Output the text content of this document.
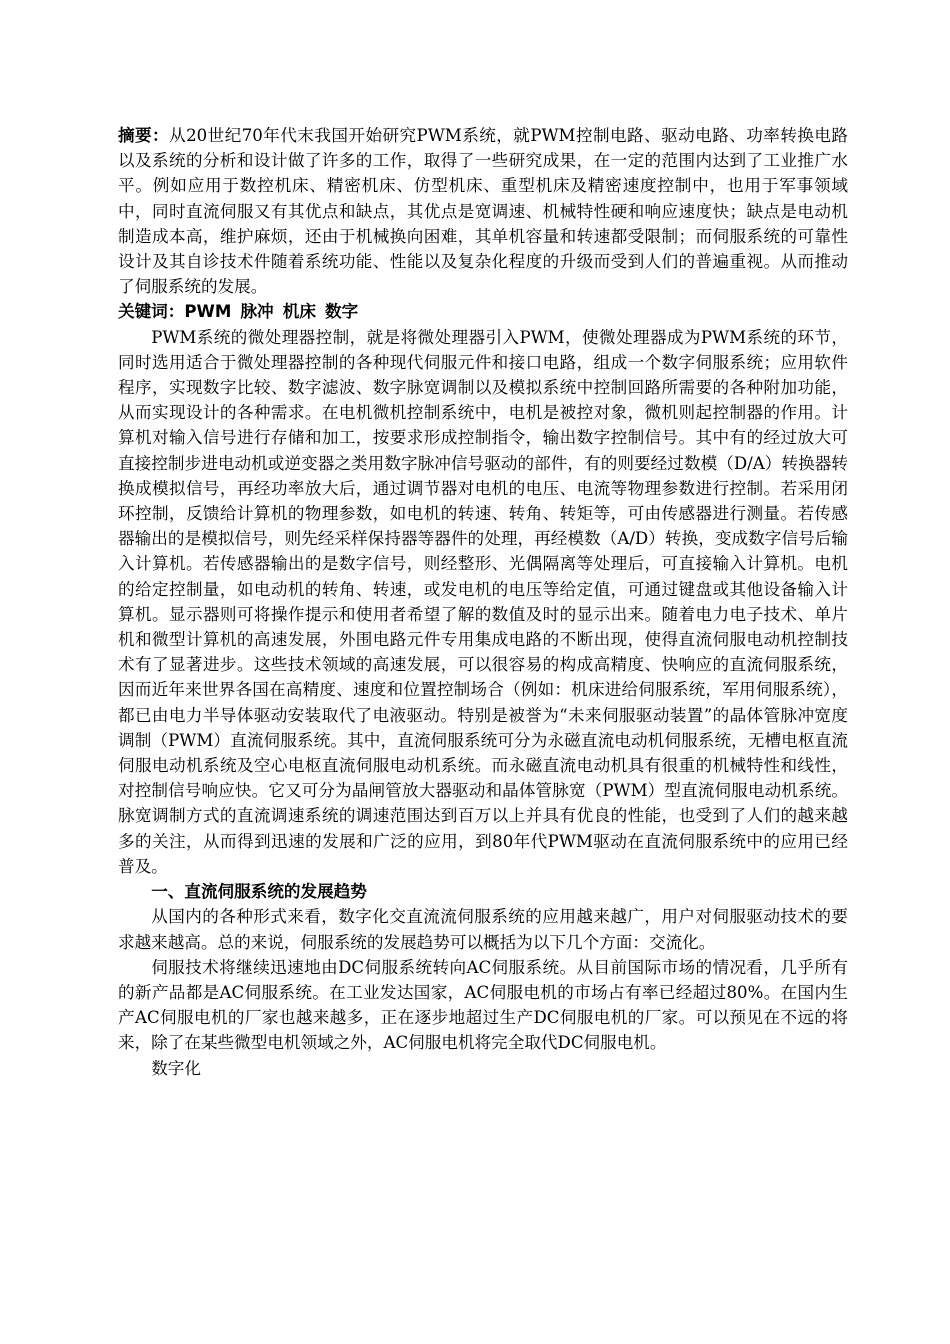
摘要：从20世纪70年代末我国开始研究PWM系统，就PWM控制电路、驱动电路、功率转换电路以及系统的分析和设计做了许多的工作，取得了一些研究成果，在一定的范围内达到了工业推广水平。例如应用于数控机床、精密机床、仿型机床、重型机床及精密速度控制中，也用于军事领域中，同时直流伺服又有其优点和缺点，其优点是宽调速、机械特性硬和响应速度快；缺点是电动机制造成本高，维护麻烦，还由于机械换向困难，其单机容量和转速都受限制；而伺服系统的可靠性设计及其自诊技术件随着系统功能、性能以及复杂化程度的升级而受到人们的普遍重视。从而推动了伺服系统的发展。

关键词：PWM 脉冲 机床 数字

PWM系统的微处理器控制，就是将微处理器引入PWM，使微处理器成为PWM系统的环节，同时选用适合于微处理器控制的各种现代伺服元件和接口电路，组成一个数字伺服系统；应用软件程序，实现数字比较、数字滤波、数字脉宽调制以及模拟系统中控制回路所需要的各种附加功能，从而实现设计的各种需求。在电机微机控制系统中，电机是被控对象，微机则起控制器的作用。计算机对输入信号进行存储和加工，按要求形成控制指令，输出数字控制信号。其中有的经过放大可直接控制步进电动机或逆变器之类用数字脉冲信号驱动的部件，有的则要经过数模（D/A）转换器转换成模拟信号，再经功率放大后，通过调节器对电机的电压、电流等物理参数进行控制。若采用闭环控制，反馈给计算机的物理参数，如电机的转速、转角、转矩等，可由传感器进行测量。若传感器输出的是模拟信号，则先经采样保持器等器件的处理，再经模数（A/D）转换，变成数字信号后输入计算机。若传感器输出的是数字信号，则经整形、光偶隔离等处理后，可直接输入计算机。电机的给定控制量，如电动机的转角、转速，或发电机的电压等给定值，可通过键盘或其他设备输入计算机。显示器则可将操作提示和使用者希望了解的数值及时的显示出来。随着电力电子技术、单片机和微型计算机的高速发展，外围电路元件专用集成电路的不断出现，使得直流伺服电动机控制技术有了显著进步。这些技术领域的高速发展，可以很容易的构成高精度、快响应的直流伺服系统，因而近年来世界各国在高精度、速度和位置控制场合（例如：机床进给伺服系统，军用伺服系统），都已由电力半导体驱动安装取代了电液驱动。特别是被誉为“未来伺服驱动装置”的晶体管脉冲宽度调制（PWM）直流伺服系统。其中，直流伺服系统可分为永磁直流电动机伺服系统，无槽电枢直流伺服电动机系统及空心电枢直流伺服电动机系统。而永磁直流电动机具有很重的机械特性和线性，对控制信号响应快。它又可分为晶闸管放大器驱动和晶体管脉宽（PWM）型直流伺服电动机系统。脉宽调制方式的直流调速系统的调速范围达到百万以上并具有优良的性能，也受到了人们的越来越多的关注，从而得到迅速的发展和广泛的应用，到80年代PWM驱动在直流伺服系统中的应用已经普及。

一、直流伺服系统的发展趋势

从国内的各种形式来看，数字化交直流流伺服系统的应用越来越广，用户对伺服驱动技术的要求越来越高。总的来说，伺服系统的发展趋势可以概括为以下几个方面：交流化。

伺服技术将继续迅速地由DC伺服系统转向AC伺服系统。从目前国际市场的情况看，几乎所有的新产品都是AC伺服系统。在工业发达国家，AC伺服电机的市场占有率已经超过80%。在国内生产AC伺服电机的厂家也越来越多，正在逐步地超过生产DC伺服电机的厂家。可以预见在不远的将来，除了在某些微型电机领域之外，AC伺服电机将完全取代DC伺服电机。

数字化
